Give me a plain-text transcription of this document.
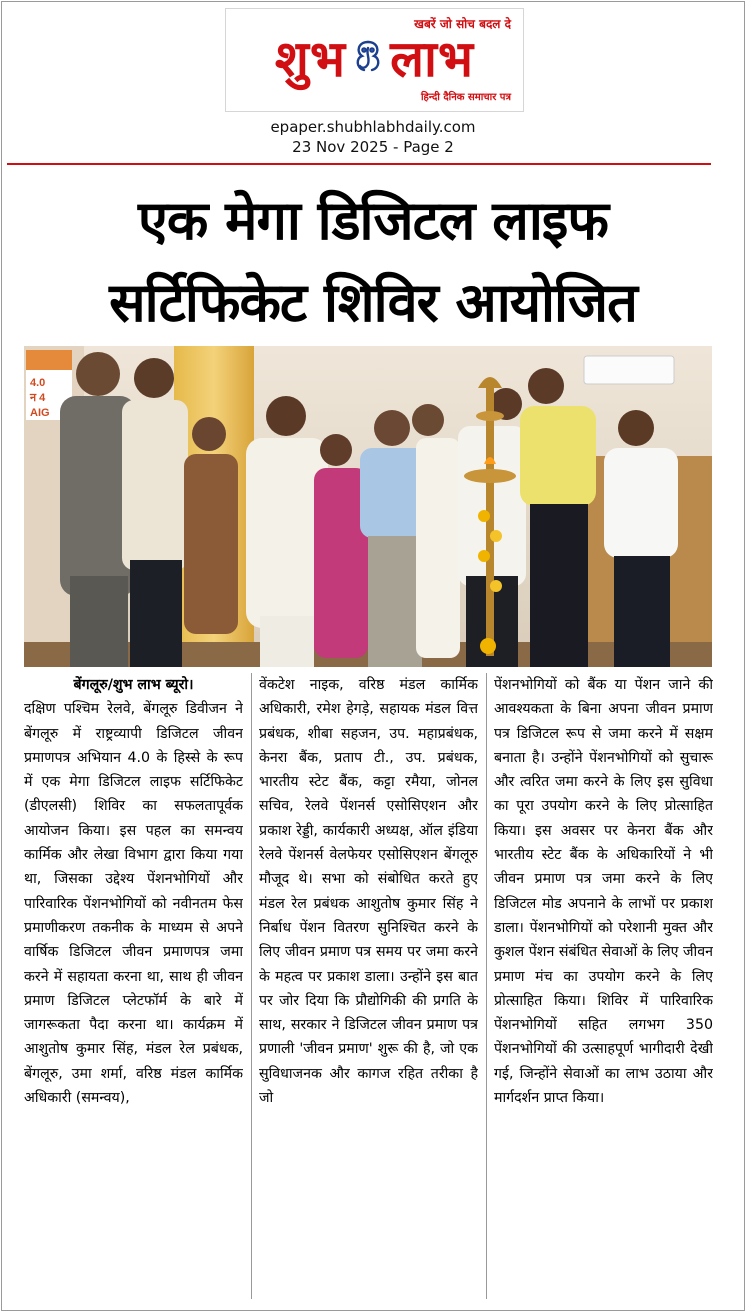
खबरें जो सोच बदल दे
शुभ लाभ
हिन्दी दैनिक समाचार पत्र
epaper.shubhlabhdaily.com
23 Nov 2025 - Page 2
एक मेगा डिजिटल लाइफ
सर्टिफिकेट शिविर आयोजित
4.0
न 4
AIG
बेंगलूरु/शुभ लाभ ब्यूरो।

दक्षिण पश्चिम रेलवे, बेंगलूरु डिवीजन ने बेंगलूरु में राष्ट्रव्यापी डिजिटल जीवन प्रमाणपत्र अभियान 4.0 के हिस्से के रूप में एक मेगा डिजिटल लाइफ सर्टिफिकेट (डीएलसी) शिविर का सफलतापूर्वक आयोजन किया। इस पहल का समन्वय कार्मिक और लेखा विभाग द्वारा किया गया था, जिसका उद्देश्य पेंशनभोगियों और पारिवारिक पेंशनभोगियों को नवीनतम फेस प्रमाणीकरण तकनीक के माध्यम से अपने वार्षिक डिजिटल जीवन प्रमाणपत्र जमा करने में सहायता करना था, साथ ही जीवन प्रमाण डिजिटल प्लेटफॉर्म के बारे में जागरूकता पैदा करना था। कार्यक्रम में आशुतोष कुमार सिंह, मंडल रेल प्रबंधक, बेंगलूरु, उमा शर्मा, वरिष्ठ मंडल कार्मिक अधिकारी (समन्वय),

वेंकटेश नाइक, वरिष्ठ मंडल कार्मिक अधिकारी, रमेश हेगड़े, सहायक मंडल वित्त प्रबंधक, शीबा सहजन, उप. महाप्रबंधक, केनरा बैंक, प्रताप टी., उप. प्रबंधक, भारतीय स्टेट बैंक, कट्टा रमैया, जोनल सचिव, रेलवे पेंशनर्स एसोसिएशन और प्रकाश रेड्डी, कार्यकारी अध्यक्ष, ऑल इंडिया रेलवे पेंशनर्स वेलफेयर एसोसिएशन बेंगलूरु मौजूद थे। सभा को संबोधित करते हुए मंडल रेल प्रबंधक आशुतोष कुमार सिंह ने निर्बाध पेंशन वितरण सुनिश्चित करने के लिए जीवन प्रमाण पत्र समय पर जमा करने के महत्व पर प्रकाश डाला। उन्होंने इस बात पर जोर दिया कि प्रौद्योगिकी की प्रगति के साथ, सरकार ने डिजिटल जीवन प्रमाण पत्र प्रणाली 'जीवन प्रमाण' शुरू की है, जो एक सुविधाजनक और कागज रहित तरीका है जो

पेंशनभोगियों को बैंक या पेंशन जाने की आवश्यकता के बिना अपना जीवन प्रमाण पत्र डिजिटल रूप से जमा करने में सक्षम बनाता है। उन्होंने पेंशनभोगियों को सुचारू और त्वरित जमा करने के लिए इस सुविधा का पूरा उपयोग करने के लिए प्रोत्साहित किया। इस अवसर पर केनरा बैंक और भारतीय स्टेट बैंक के अधिकारियों ने भी जीवन प्रमाण पत्र जमा करने के लिए डिजिटल मोड अपनाने के लाभों पर प्रकाश डाला। पेंशनभोगियों को परेशानी मुक्त और कुशल पेंशन संबंधित सेवाओं के लिए जीवन प्रमाण मंच का उपयोग करने के लिए प्रोत्साहित किया। शिविर में पारिवारिक पेंशनभोगियों सहित लगभग 350 पेंशनभोगियों की उत्साहपूर्ण भागीदारी देखी गई, जिन्होंने सेवाओं का लाभ उठाया और मार्गदर्शन प्राप्त किया।
